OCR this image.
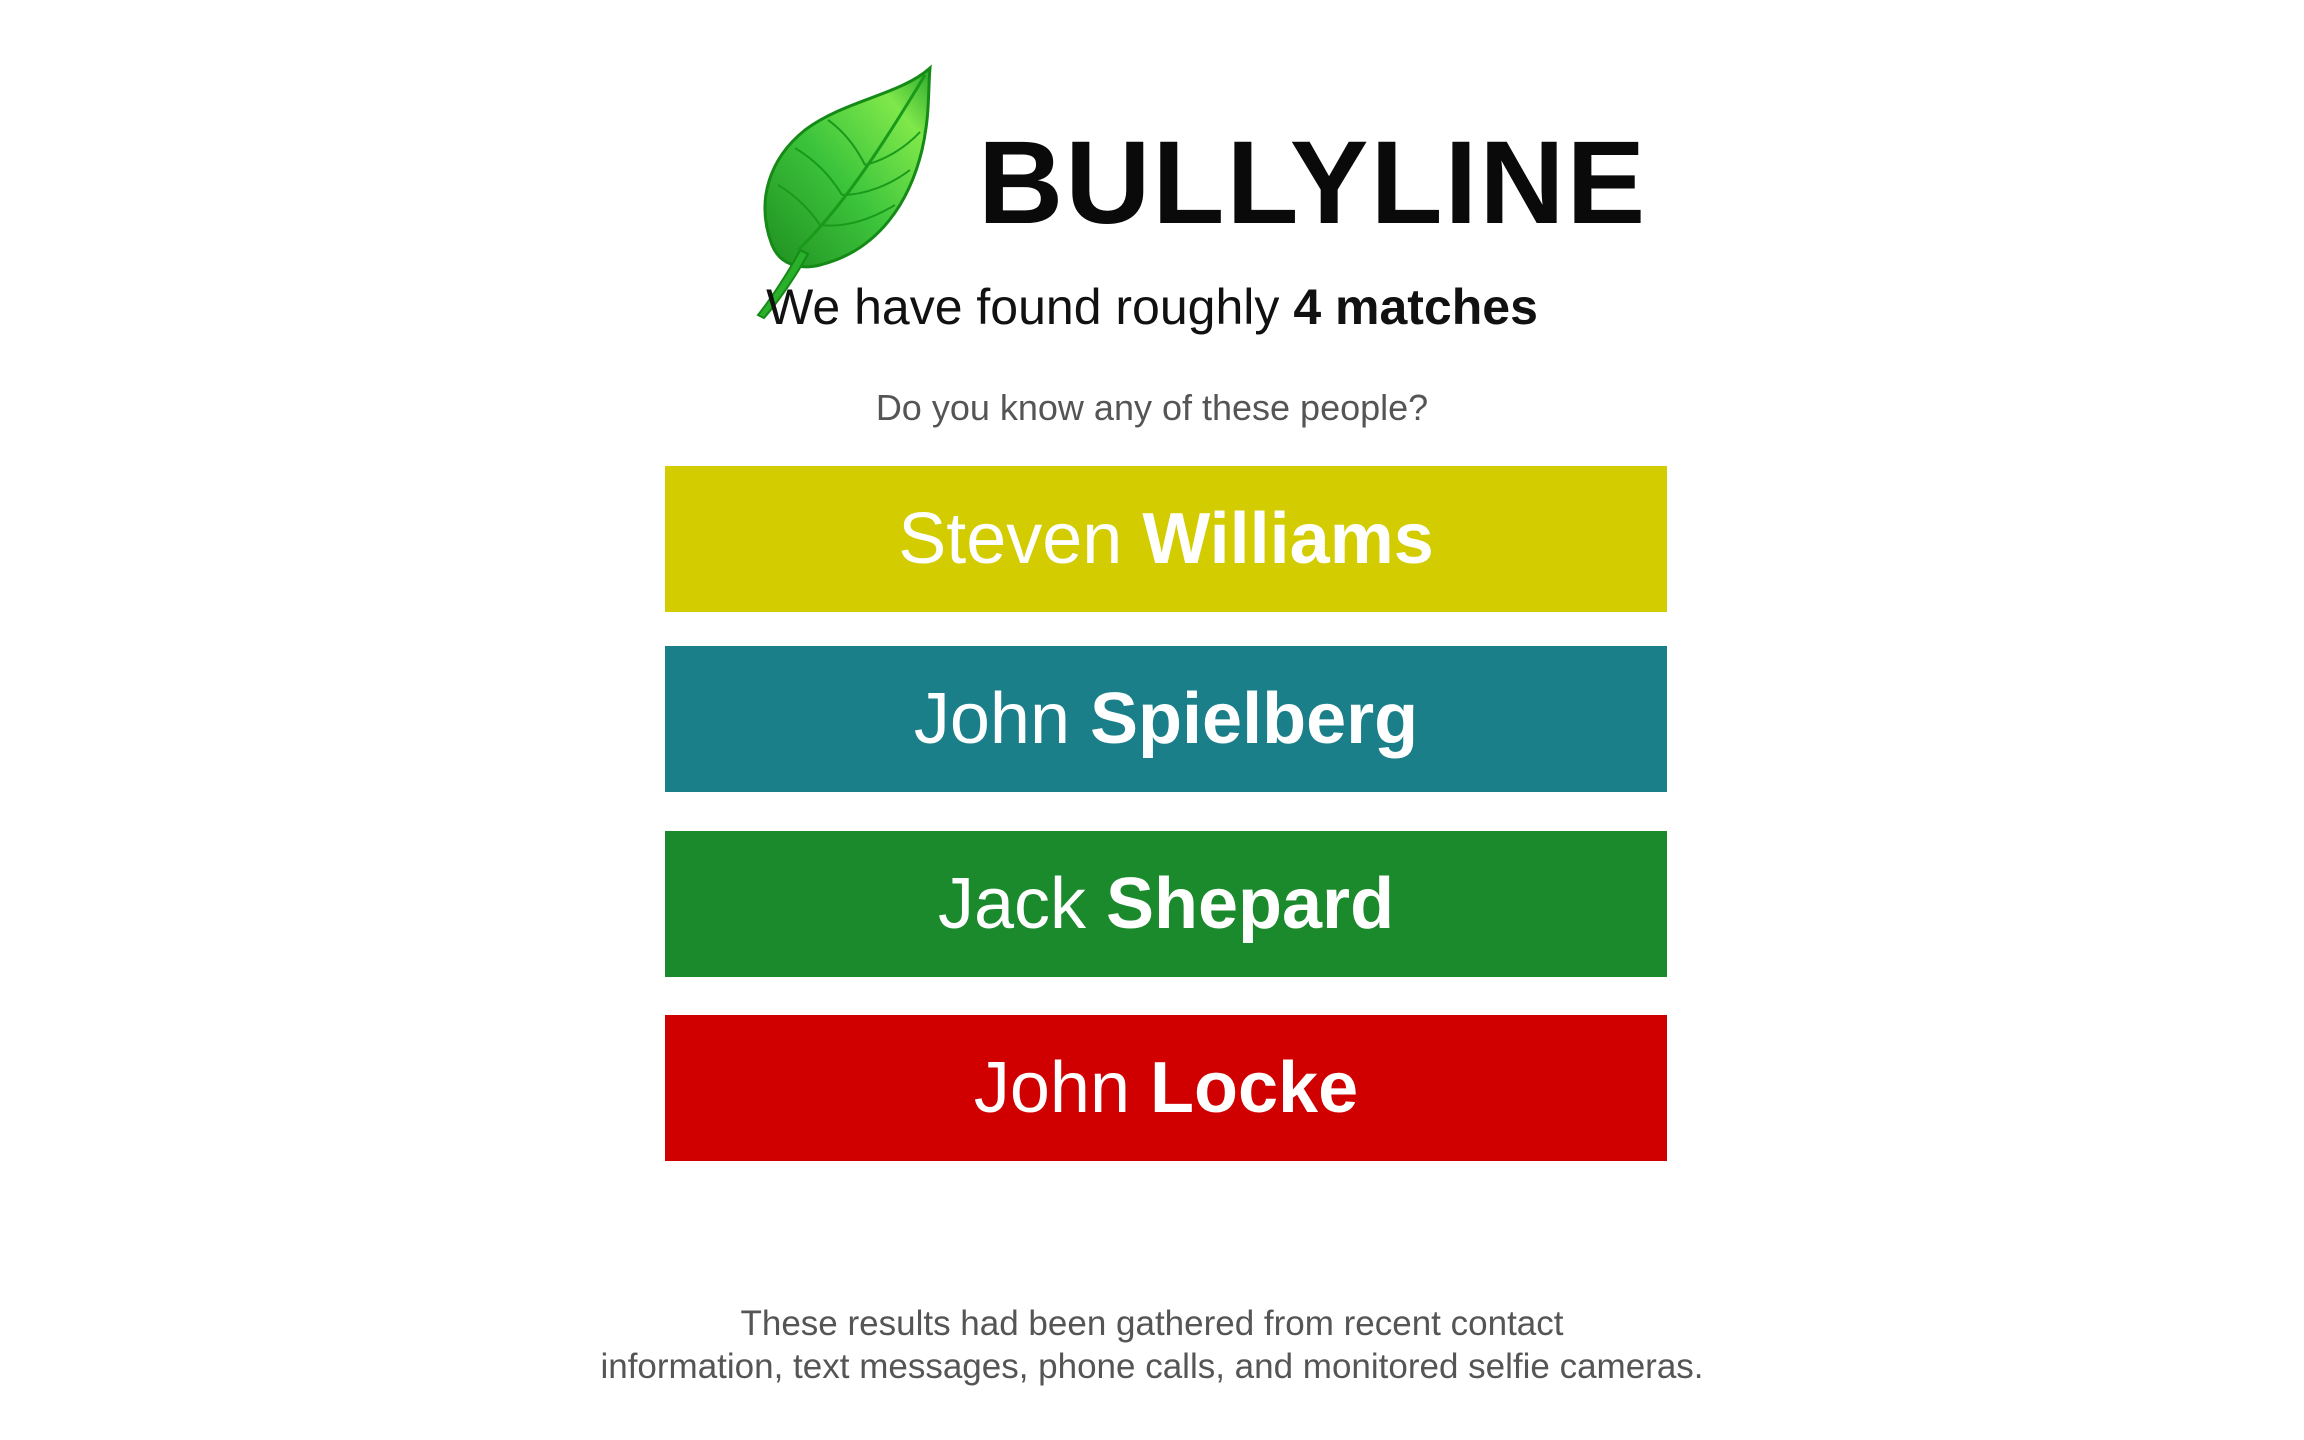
BULLYLINE
We have found roughly 4 matches
Do you know any of these people?
Steven Williams
John Spielberg
Jack Shepard
John Locke
These results had been gathered from recent contact
information, text messages, phone calls, and monitored selfie cameras.
